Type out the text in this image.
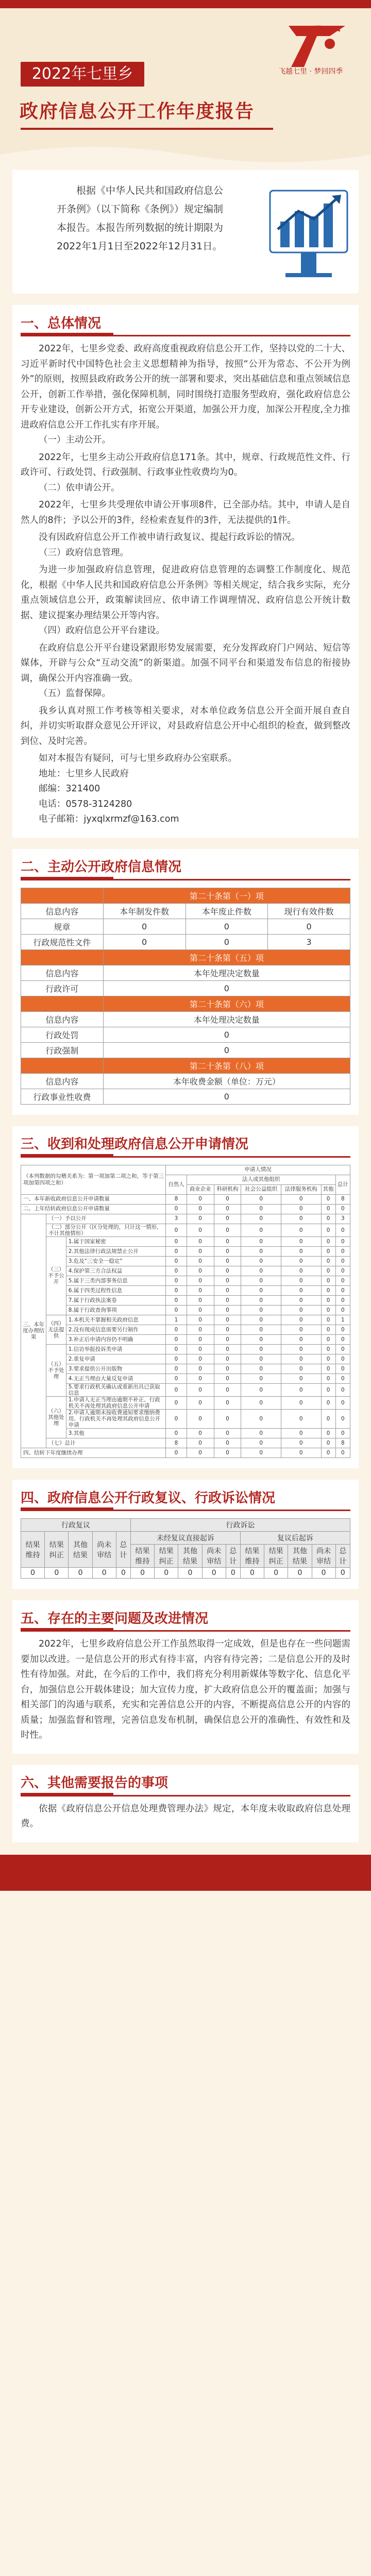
飞越七里 · 梦回四季
2022年七里乡
政府信息公开工作年度报告
根据《中华人民共和国政府信息公开条例》（以下简称《条例》）规定编制本报告。本报告所列数据的统计期限为2022年1月1日至2022年12月31日。
一、总体情况
2022年，七里乡党委、政府高度重视政府信息公开工作，坚持以党的二十大、习近平新时代中国特色社会主义思想精神为指导，按照“公开为常态、不公开为例外”的原则，按照县政府政务公开的统一部署和要求，突出基础信息和重点领域信息公开，创新工作举措，强化保障机制，同时围绕打造服务型政府，强化政府信息公开专业建设，创新公开方式，拓宽公开渠道，加强公开力度，加深公开程度,全力推进政府信息公开工作扎实有序开展。
（一）主动公开。
2022年，七里乡主动公开政府信息171条。其中，规章、行政规范性文件、行政许可、行政处罚、行政强制、行政事业性收费均为0。
（二）依申请公开。
2022年，七里乡共受理依申请公开事项8件，已全部办结。其中，申请人是自然人的8件；予以公开的3件，经检索查复件的3件，无法提供的1件。
没有因政府信息公开工作被申请行政复议、提起行政诉讼的情况。
（三）政府信息管理。
为进一步加强政府信息管理，促进政府信息管理的态调整工作制度化、规范化，根据《中华人民共和国政府信息公开条例》等相关规定，结合我乡实际，充分重点领域信息公开，政策解读回应、依申请工作调理情况、政府信息公开统计数据、建议提案办理结果公开等内容。
（四）政府信息公开平台建设。
在政府信息公开平台建设紧跟形势发展需要，充分发挥政府门户网站、短信等媒体，开辟与公众“互动交流”的新渠道。加强不同平台和渠道发布信息的衔接协调，确保公开内容准确一致。
（五）监督保障。
我乡认真对照工作考核等相关要求，对本单位政务信息公开全面开展自查自纠，并切实听取群众意见公开评议，对县政府信息公开中心组织的检查，做到整改到位、及时完善。
如对本报告有疑问，可与七里乡政府办公室联系。
地址：七里乡人民政府
邮编：321400
电话：0578-3124280
电子邮箱：jyxqlxrmzf@163.com
二、主动公开政府信息情况
	第二十条第（一）项		
信息内容	本年制发件数	本年废止件数	现行有效件数
规章	0	0	0
行政规范性文件	0	0	3
	第二十条第（五）项		
信息内容	本年处理决定数量		
行政许可	0		
	第二十条第（六）项		
信息内容	本年处理决定数量		
行政处罚	0		
行政强制	0		
	第二十条第（八）项		
信息内容	本年收费金额（单位：万元）		
行政事业性收费	0		
三、收到和处理政府信息公开申请情况
（本列数据的勾稽关系为：第一项加第二项之和，等于第三项加第四项之和）			申请人情况						
			自然人	法人或其他组织					总计
				商业企业	科研机构	社会公益组织	法律服务机构	其他	
一、本年新收政府信息公开申请数量			8	0	0	0	0	0	8
二、上年结转政府信息公开申请数量			0	0	0	0	0	0	0
三、本年度办理结果	（一）予以公开		3	0	0	0	0	0	3
	（二）部分公开（区分处理的，只计这一情形，不计其他情形）		0	0	0	0	0	0	0
	（三）不予公开	1.属于国家秘密	0	0	0	0	0	0	0
		2.其他法律行政法规禁止公开	0	0	0	0	0	0	0
		3.危及“三安全一稳定”	0	0	0	0	0	0	0
		4.保护第三方合法权益	0	0	0	0	0	0	0
		5.属于三类内部事务信息	0	0	0	0	0	0	0
		6.属于四类过程性信息	0	0	0	0	0	0	0
		7.属于行政执法案卷	0	0	0	0	0	0	0
		8.属于行政查询事项	0	0	0	0	0	0	0
	（四）无法提供	1.本机关不掌握相关政府信息	1	0	0	0	0	0	1
		2.没有现成信息需要另行制作	0	0	0	0	0	0	0
		3.补正后申请内容仍不明确	0	0	0	0	0	0	0
	（五）不予处理	1.信访举报投诉类申请	0	0	0	0	0	0	0
		2.重复申请	0	0	0	0	0	0	0
		3.要求提供公开出版物	0	0	0	0	0	0	0
		4.无正当理由大量反复申请	0	0	0	0	0	0	0
		5.要求行政机关确认或重新出具已获取信息	0	0	0	0	0	0	0
	（六）其他处理	1.申请人无正当理由逾期不补正、行政机关不再处理其政府信息公开申请	0	0	0	0	0	0	0
		2.申请人逾期未按收费通知要求缴纳费用、行政机关不再处理其政府信息公开申请	0	0	0	0	0	0	0
		3.其他	0	0	0	0	0	0	0
	（七）总计		8	0	0	0	0	0	8
四、结转下年度继续办理			0	0	0	0	0	0	0
四、政府信息公开行政复议、行政诉讼情况
行政复议					行政诉讼									
结果维持	结果纠正	其他结果	尚未审结	总计	未经复议直接起诉					复议后起诉				
					结果维持	结果纠正	其他结果	尚未审结	总计	结果维持	结果纠正	其他结果	尚未审结	总计
0	0	0	0	0	0	0	0	0	0	0	0	0	0	0
五、存在的主要问题及改进情况
2022年，七里乡政府信息公开工作虽然取得一定成效，但是也存在一些问题需要加以改进。一是信息公开的形式有待丰富，内容有待完善；二是信息公开的及时性有待加强。对此，在今后的工作中，我们将充分利用新媒体等数字化、信息化平台，加强信息公开载体建设；加大宣传力度，扩大政府信息公开的覆盖面；加强与相关部门的沟通与联系，充实和完善信息公开的内容，不断提高信息公开的内容的质量；加强监督和管理，完善信息发布机制，确保信息公开的准确性、有效性和及时性。
六、其他需要报告的事项
依据《政府信息公开信息处理费管理办法》规定，本年度未收取政府信息处理费。
